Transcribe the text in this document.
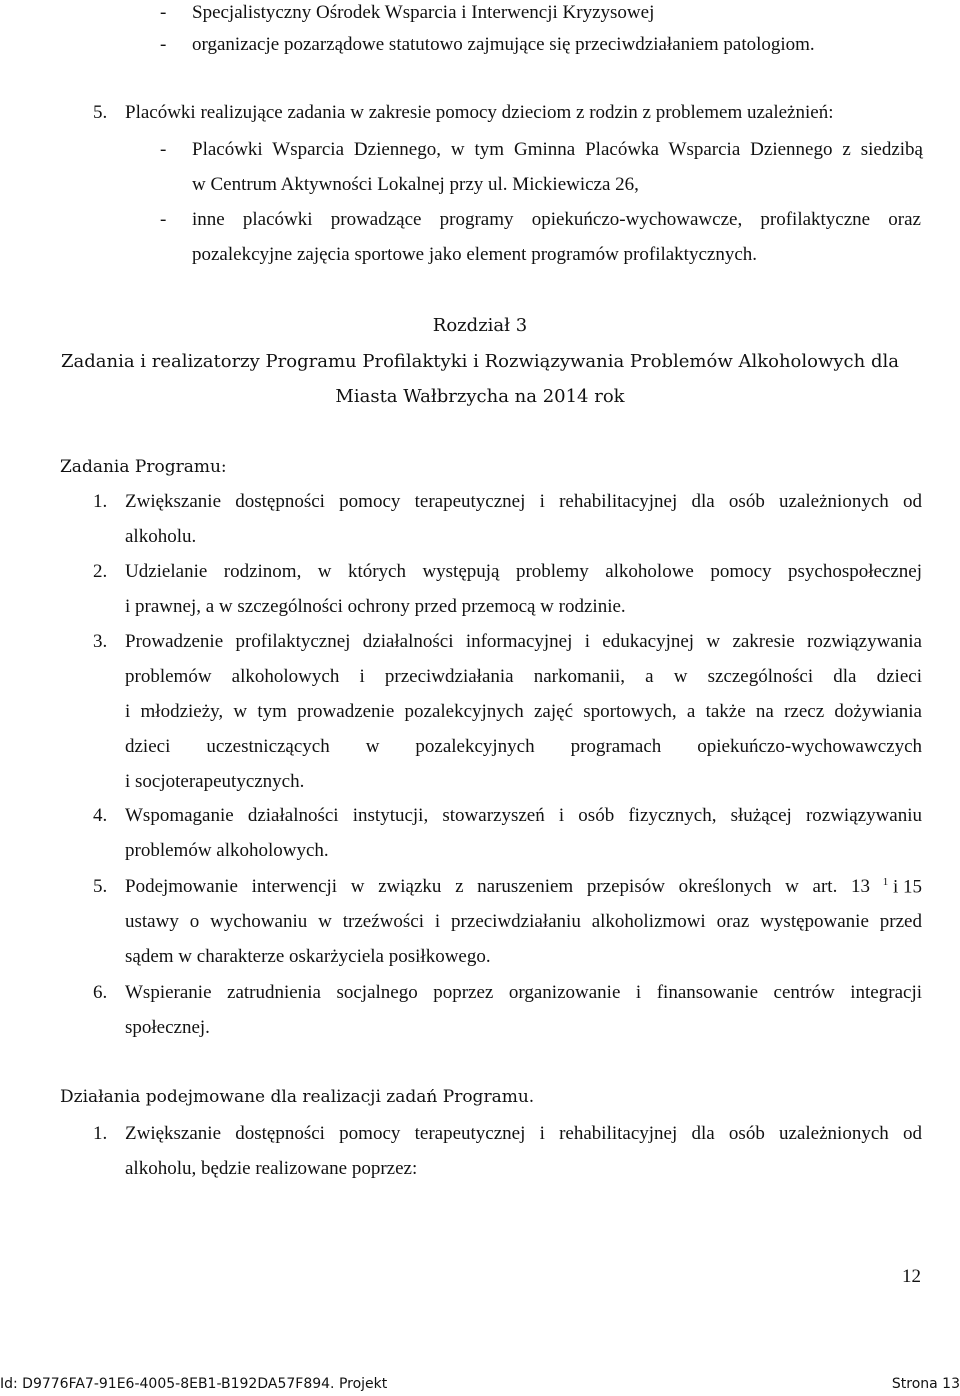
- Specjalistyczny Ośrodek Wsparcia i Interwencji Kryzysowej
- organizacje pozarządowe statutowo zajmujące się przeciwdziałaniem patologiom.
5. Placówki realizujące zadania w zakresie pomocy dzieciom z rodzin z problemem uzależnień:
- Placówki Wsparcia Dziennego, w tym Gminna Placówka Wsparcia Dziennego z siedzibą
w Centrum Aktywności Lokalnej przy ul. Mickiewicza 26,
- inne placówki prowadzące programy opiekuńczo-wychowawcze, profilaktyczne oraz
pozalekcyjne zajęcia sportowe jako element programów profilaktycznych.
Rozdział 3
Zadania i realizatorzy Programu Profilaktyki i Rozwiązywania Problemów Alkoholowych dla
Miasta Wałbrzycha na 2014 rok
Zadania Programu:
1. Zwiększanie dostępności pomocy terapeutycznej i rehabilitacyjnej dla osób uzależnionych od
alkoholu.
2. Udzielanie rodzinom, w których występują problemy alkoholowe pomocy psychospołecznej
i prawnej, a w szczególności ochrony przed przemocą w rodzinie.
3. Prowadzenie profilaktycznej działalności informacyjnej i edukacyjnej w zakresie rozwiązywania
problemów alkoholowych i przeciwdziałania narkomanii, a w szczególności dla dzieci
i młodzieży, w tym prowadzenie pozalekcyjnych zajęć sportowych, a także na rzecz dożywiania
dzieci uczestniczących w pozalekcyjnych programach opiekuńczo-wychowawczych
i socjoterapeutycznych.
4. Wspomaganie działalności instytucji, stowarzyszeń i osób fizycznych, służącej rozwiązywaniu
problemów alkoholowych.
5. Podejmowanie interwencji w związku z naruszeniem przepisów określonych w art. 13 $^1$ i 15
ustawy o wychowaniu w trzeźwości i przeciwdziałaniu alkoholizmowi oraz występowanie przed
sądem w charakterze oskarżyciela posiłkowego.
6. Wspieranie zatrudnienia socjalnego poprzez organizowanie i finansowanie centrów integracji
społecznej.
Działania podejmowane dla realizacji zadań Programu.
1. Zwiększanie dostępności pomocy terapeutycznej i rehabilitacyjnej dla osób uzależnionych od
alkoholu, będzie realizowane poprzez:
12
Id: D9776FA7-91E6-4005-8EB1-B192DA57F894. Projekt	Strona 13
